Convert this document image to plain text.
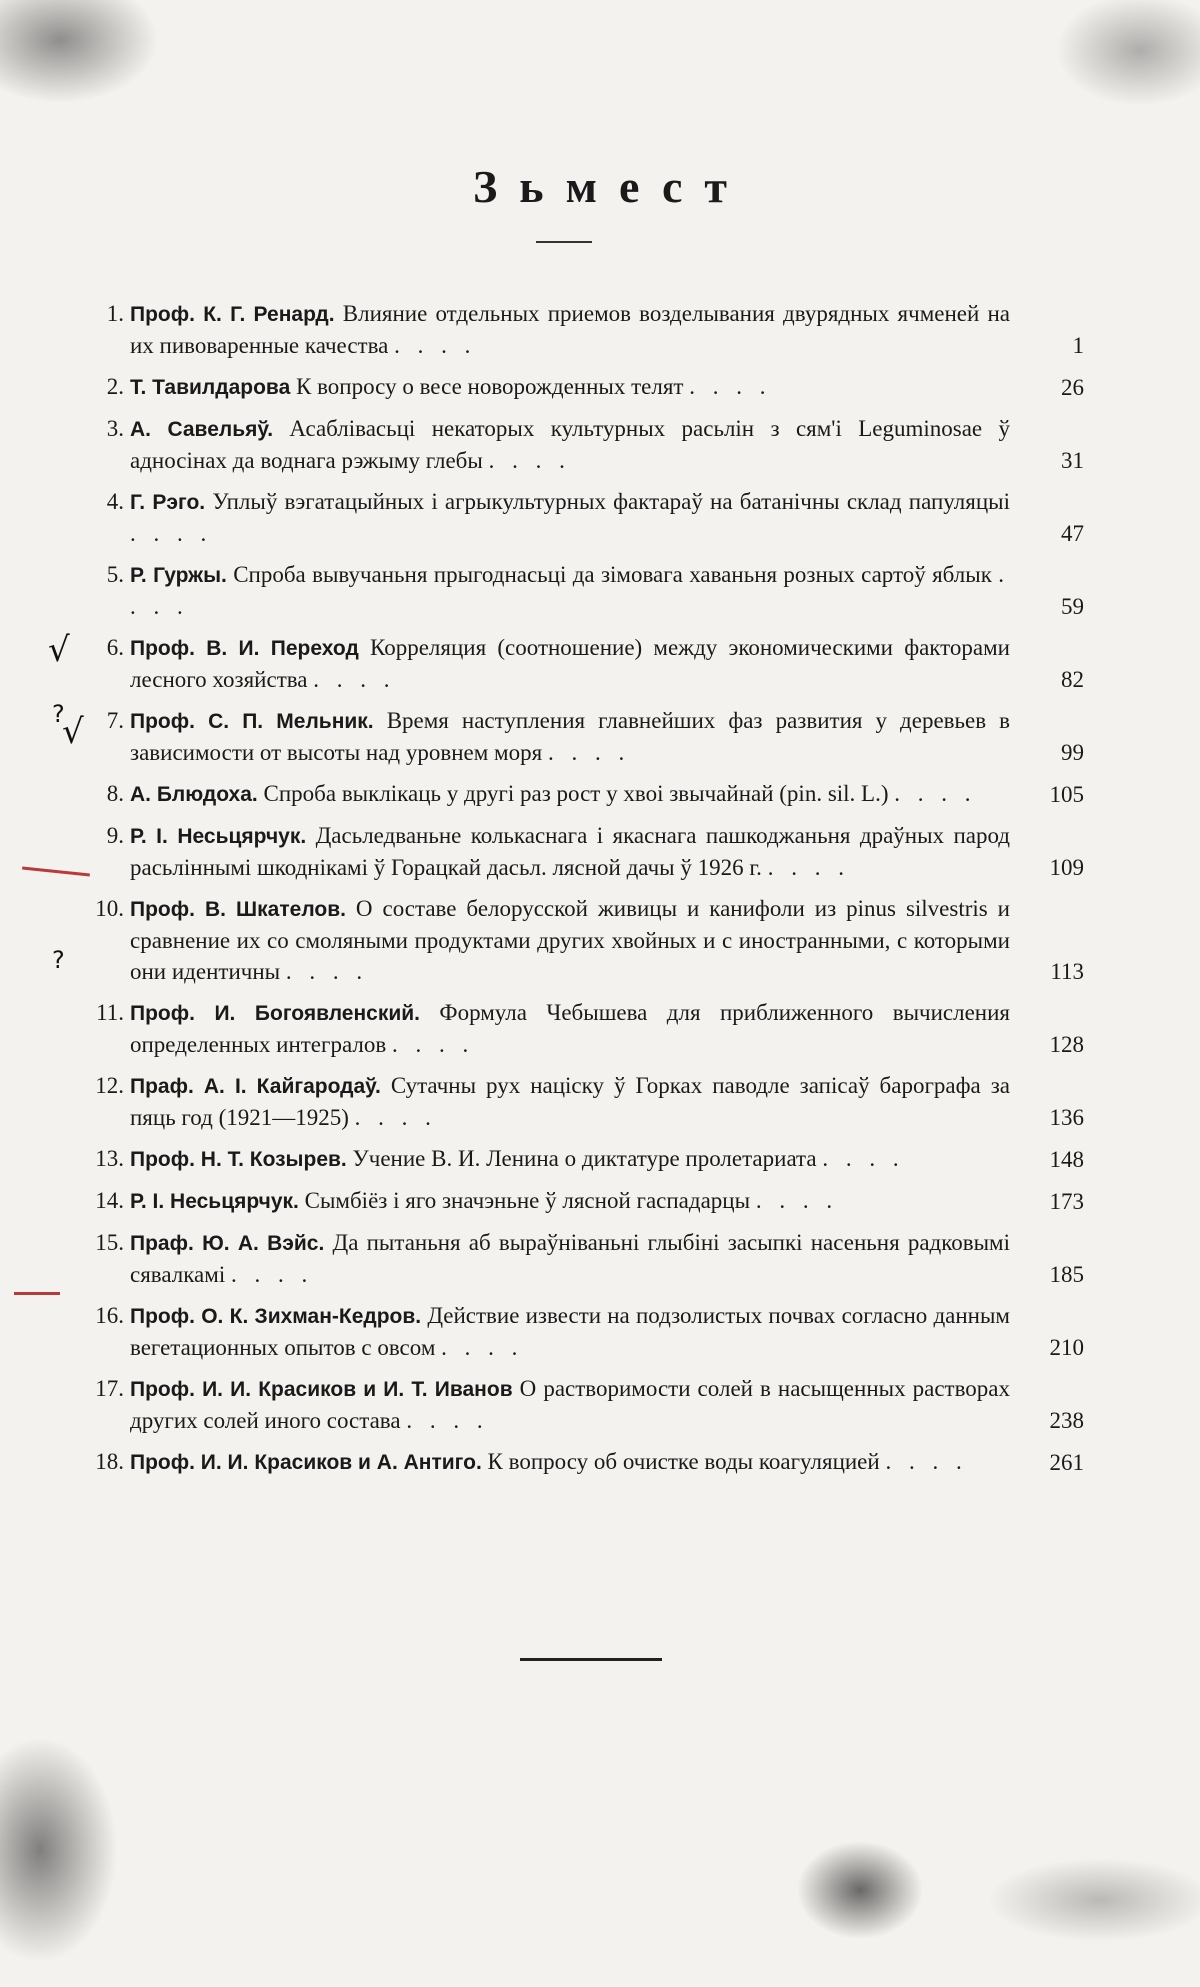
Зьмест
1. Проф. К. Г. Ренард. Влияние отдельных приемов возделывания двурядных ячменей на их пивоваренные качества . . . .	1
2. Т. Тавилдарова К вопросу о весе новорожденных телят . . . .	26
3. А. Савельяў. Асаблівасьці некаторых культурных расьлін з сям'і Leguminosae ў адносінах да воднага рэжыму глебы . . . .	31
4. Г. Рэго. Уплыў вэгатацыйных і агрыкультурных фактараў на батанічны склад папуляцыі . . . .	47
5. Р. Гуржы. Спроба вывучаньня прыгоднасьці да зімовага хаваньня розных сартоў яблык . . . .	59
6. Проф. В. И. Переход Корреляция (соотношение) между экономическими факторами лесного хозяйства . . . .	82
7. Проф. С. П. Мельник. Время наступления главнейших фаз развития у деревьев в зависимости от высоты над уровнем моря . . . .	99
8. А. Блюдоха. Спроба выклікаць у другі раз рост у хвоі звычайнай (pin. sil. L.) . . . .	105
9. Р. І. Несьцярчук. Дасьледваньне колькаснага і якаснага пашкоджаньня драўных парод расьліннымі шкоднікамі ў Горацкай дасьл. лясной дачы ў 1926 г. . . . .	109
10. Проф. В. Шкателов. О составе белорусской живицы и канифоли из pinus silvestris и сравнение их со смоляными продуктами других хвойных и с иностранными, с которыми они идентичны . . . .	113
11. Проф. И. Богоявленский. Формула Чебышева для приближенного вычисления определенных интегралов . . . .	128
12. Праф. А. І. Кайгародаў. Сутачны рух націску ў Горках паводле запісаў барографа за пяць год (1921—1925) . . . .	136
13. Проф. Н. Т. Козырев. Учение В. И. Ленина о диктатуре пролетариата . . . .	148
14. Р. І. Несьцярчук. Сымбіёз і яго значэньне ў лясной гаспадарцы . . . .	173
15. Праф. Ю. А. Вэйс. Да пытаньня аб выраўніваньні глыбіні засыпкі насеньня радковымі сявалкамі . . . .	185
16. Проф. О. К. Зихман-Кедров. Действие извести на подзолистых почвах согласно данным вегетационных опытов с овсом . . . .	210
17. Проф. И. И. Красиков и И. Т. Иванов О растворимости солей в насыщенных растворах других солей иного состава . . . .	238
18. Проф. И. И. Красиков и А. Антиго. К вопросу об очистке воды коагуляцией . . . .	261
√
?
√
?
